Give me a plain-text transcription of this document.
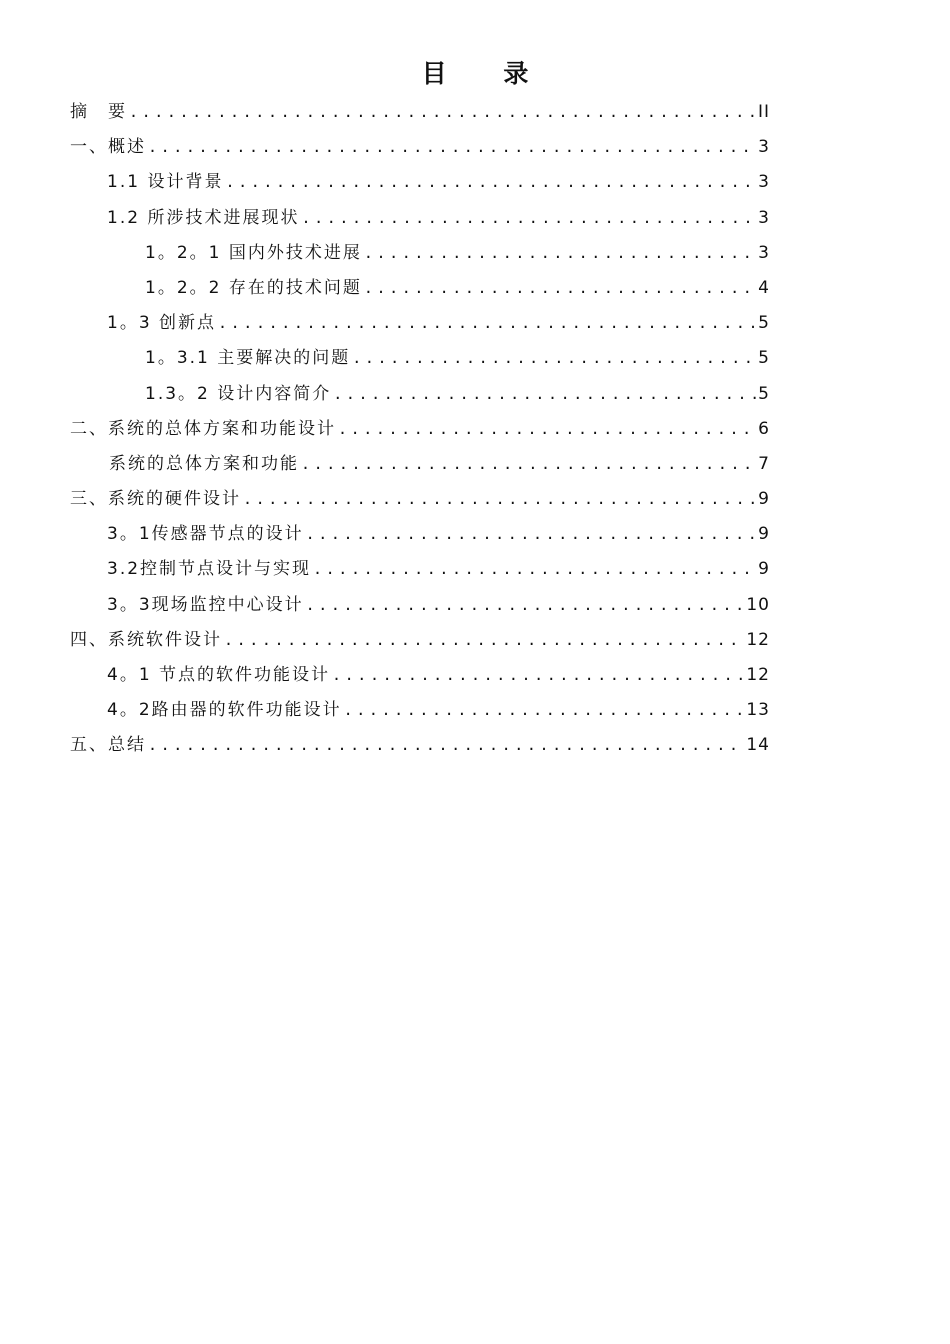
目 录
摘　要 .....	II
一、概述 .....	3
1.1 设计背景 .....	3
1.2 所涉技术进展现状 .....	3
1。2。1 国内外技术进展 .....	3
1。2。2 存在的技术问题 .....	4
1。3 创新点 .....	5
1。3.1 主要解决的问题 .....	5
1.3。2 设计内容简介 .....	5
二、系统的总体方案和功能设计 .....	6
系统的总体方案和功能 .....	7
三、系统的硬件设计 .....	9
3。1传感器节点的设计 .....	9
3.2控制节点设计与实现 .....	9
3。3现场监控中心设计 .....	10
四、系统软件设计 .....	12
4。1 节点的软件功能设计 .....	12
4。2路由器的软件功能设计 .....	13
五、总结 .....	14
